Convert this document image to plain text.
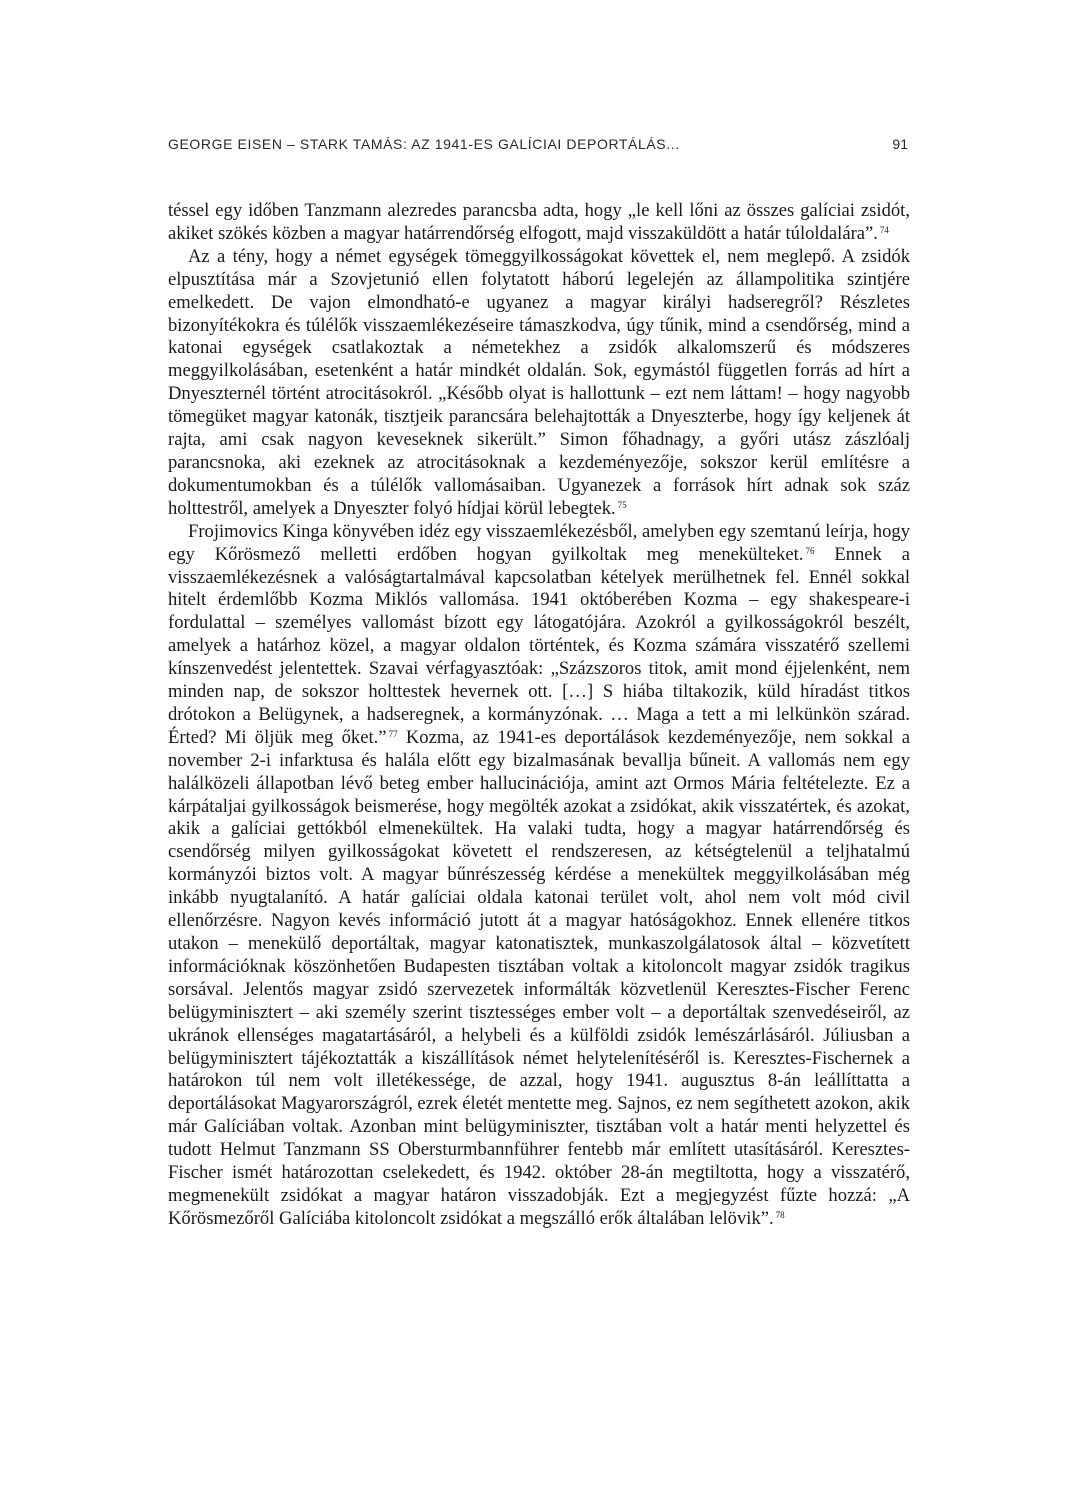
GEORGE EISEN – STARK TAMÁS: AZ 1941-ES GALÍCIAI DEPORTÁLÁS...	91

téssel egy időben Tanzmann alezredes parancsba adta, hogy „le kell lőni az összes galíciai zsidót, akiket szökés közben a magyar határrendőrség elfogott, majd visszaküldött a határ túloldalára”. $^{74}$

Az a tény, hogy a német egységek tömeggyilkosságokat követtek el, nem meglepő. A zsidók elpusztítása már a Szovjetunió ellen folytatott háború legelején az állampolitika szintjére emelkedett. De vajon elmondható-e ugyanez a magyar királyi hadseregről? Részletes bizonyítékokra és túlélők visszaemlékezéseire támaszkodva, úgy tűnik, mind a csendőrség, mind a katonai egységek csatlakoztak a németekhez a zsidók alkalomszerű és módszeres meggyilkolásában, esetenként a határ mindkét oldalán. Sok, egymástól független forrás ad hírt a Dnyeszternél történt atrocitásokról. „Később olyat is hallottunk – ezt nem láttam! – hogy nagyobb tömegüket magyar katonák, tisztjeik parancsára belehajtották a Dnyeszterbe, hogy így keljenek át rajta, ami csak nagyon keveseknek sikerült.” Simon főhadnagy, a győri utász zászlóalj parancsnoka, aki ezeknek az atrocitásoknak a kezdeményezője, sokszor kerül említésre a dokumentumokban és a túlélők vallomásaiban. Ugyanezek a források hírt adnak sok száz holttestről, amelyek a Dnyeszter folyó hídjai körül lebegtek. $^{75}$

Frojimovics Kinga könyvében idéz egy visszaemlékezésből, amelyben egy szemtanú leírja, hogy egy Kőrösmező melletti erdőben hogyan gyilkoltak meg menekülteket. $^{76}$ Ennek a visszaemlékezésnek a valóságtartalmával kapcsolatban kételyek merülhetnek fel. Ennél sokkal hitelt érdemlőbb Kozma Miklós vallomása. 1941 októberében Kozma – egy shakespeare-i fordulattal – személyes vallomást bízott egy látogatójára. Azokról a gyilkosságokról beszélt, amelyek a határhoz közel, a magyar oldalon történtek, és Kozma számára visszatérő szellemi kínszenvedést jelentettek. Szavai vérfagyasztóak: „Százszoros titok, amit mond éjjelenként, nem minden nap, de sokszor holttestek hevernek ott. […] S hiába tiltakozik, küld híradást titkos drótokon a Belügynek, a hadseregnek, a kormányzónak. … Maga a tett a mi lelkünkön szárad. Érted? Mi öljük meg őket.” $^{77}$ Kozma, az 1941-es deportálások kezdeményezője, nem sokkal a november 2-i infarktusa és halála előtt egy bizalmasának bevallja bűneit. A vallomás nem egy halálközeli állapotban lévő beteg ember hallucinációja, amint azt Ormos Mária feltételezte. Ez a kárpátaljai gyilkosságok beismerése, hogy megölték azokat a zsidókat, akik visszatértek, és azokat, akik a galíciai gettókból elmenekültek. Ha valaki tudta, hogy a magyar határrendőrség és csendőrség milyen gyilkosságokat követett el rendszeresen, az kétségtelenül a teljhatalmú kormányzói biztos volt. A magyar bűnrészesség kérdése a menekültek meggyilkolásában még inkább nyugtalanító. A határ galíciai oldala katonai terület volt, ahol nem volt mód civil ellenőrzésre. Nagyon kevés információ jutott át a magyar hatóságokhoz. Ennek ellenére titkos utakon – menekülő deportáltak, magyar katonatisztek, munkaszolgálatosok által – közvetített információknak köszönhetően Budapesten tisztában voltak a kitoloncolt magyar zsidók tragikus sorsával. Jelentős magyar zsidó szervezetek informálták közvetlenül Keresztes-Fischer Ferenc belügyminisztert – aki személy szerint tisztességes ember volt – a deportáltak szenvedéseiről, az ukránok ellenséges magatartásáról, a helybeli és a külföldi zsidók lemészárlásáról. Júliusban a belügyminisztert tájékoztatták a kiszállítások német helytelenítéséről is. Keresztes-Fischernek a határokon túl nem volt illetékessége, de azzal, hogy 1941. augusztus 8-án leállíttatta a deportálásokat Magyarországról, ezrek életét mentette meg. Sajnos, ez nem segíthetett azokon, akik már Galíciában voltak. Azonban mint belügyminiszter, tisztában volt a határ menti helyzettel és tudott Helmut Tanzmann SS Obersturmbannführer fentebb már említett utasításáról. Keresztes-Fischer ismét határozottan cselekedett, és 1942. október 28-án megtiltotta, hogy a visszatérő, megmenekült zsidókat a magyar határon visszadobják. Ezt a megjegyzést fűzte hozzá: „A Kőrösmezőről Galíciába kitoloncolt zsidókat a megszálló erők általában lelövik”. $^{78}$
